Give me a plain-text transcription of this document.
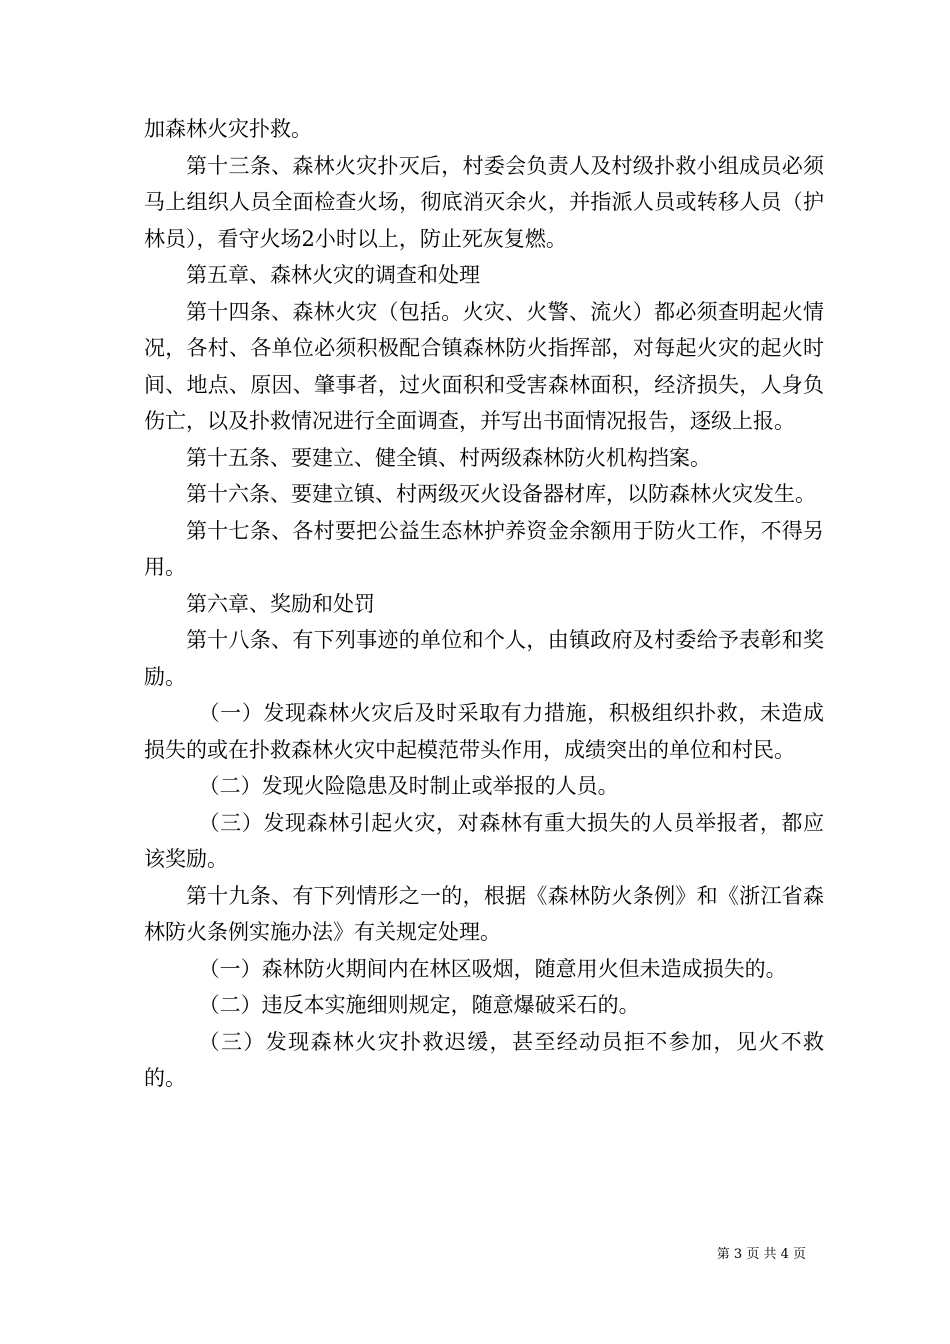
加森林火灾扑救。

第十三条、森林火灾扑灭后，村委会负责人及村级扑救小组成员必须马上组织人员全面检查火场，彻底消灭余火，并指派人员或转移人员（护林员），看守火场2小时以上，防止死灰复燃。

第五章、森林火灾的调查和处理

第十四条、森林火灾（包括。火灾、火警、流火）都必须查明起火情况，各村、各单位必须积极配合镇森林防火指挥部，对每起火灾的起火时间、地点、原因、肇事者，过火面积和受害森林面积，经济损失，人身负伤亡，以及扑救情况进行全面调查，并写出书面情况报告，逐级上报。

第十五条、要建立、健全镇、村两级森林防火机构挡案。

第十六条、要建立镇、村两级灭火设备器材库，以防森林火灾发生。

第十七条、各村要把公益生态林护养资金余额用于防火工作，不得另用。

第六章、奖励和处罚

第十八条、有下列事迹的单位和个人，由镇政府及村委给予表彰和奖励。

（一）发现森林火灾后及时采取有力措施，积极组织扑救，未造成损失的或在扑救森林火灾中起模范带头作用，成绩突出的单位和村民。

（二）发现火险隐患及时制止或举报的人员。

（三）发现森林引起火灾，对森林有重大损失的人员举报者，都应该奖励。

第十九条、有下列情形之一的，根据《森林防火条例》和《浙江省森林防火条例实施办法》有关规定处理。

（一）森林防火期间内在林区吸烟，随意用火但未造成损失的。

（二）违反本实施细则规定，随意爆破采石的。

（三）发现森林火灾扑救迟缓，甚至经动员拒不参加，见火不救的。

第 3 页 共 4 页
